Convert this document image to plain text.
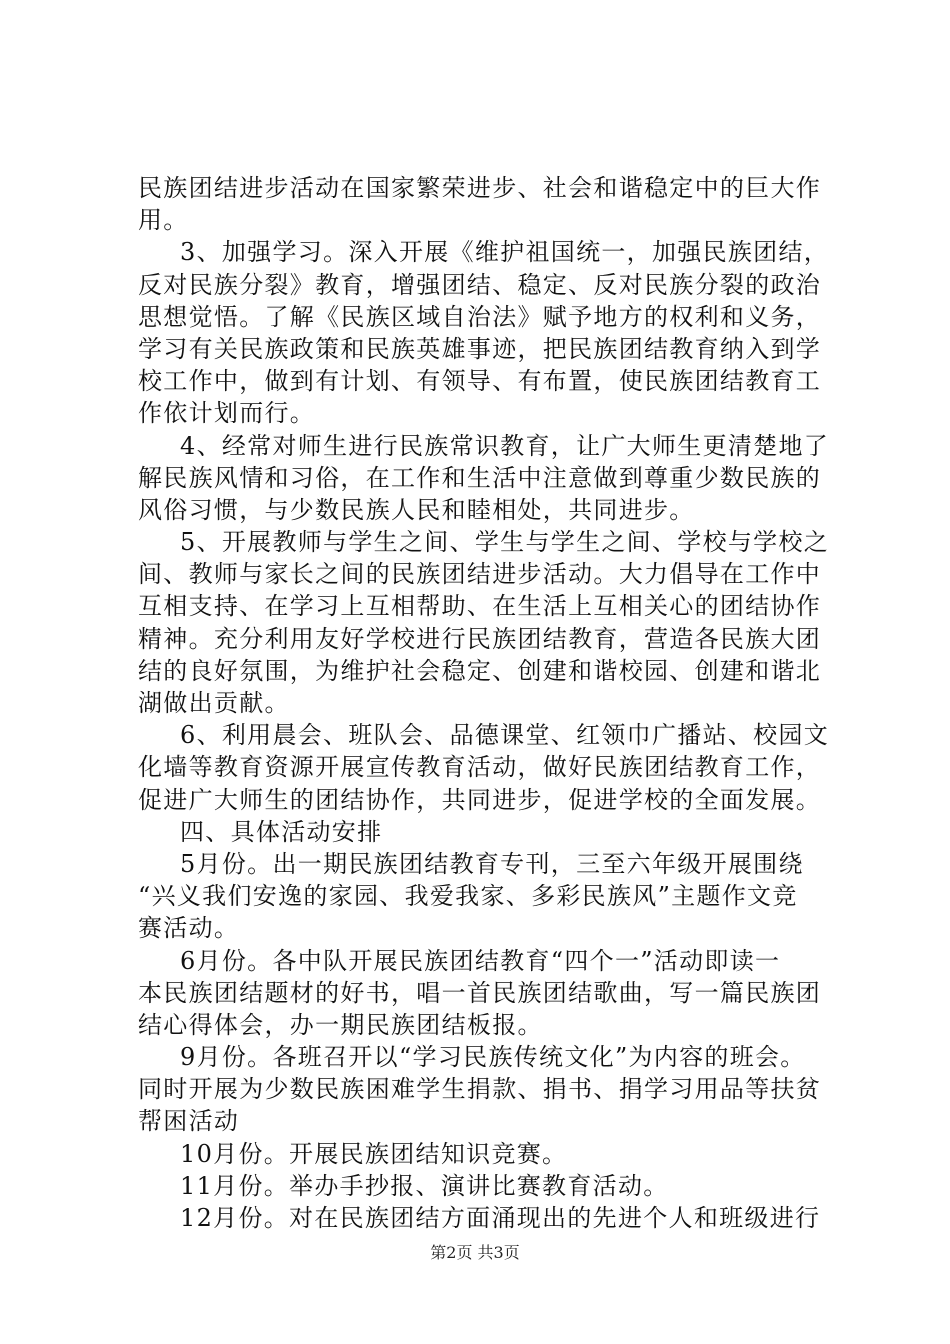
民族团结进步活动在国家繁荣进步、社会和谐稳定中的巨大作
用。
3、加强学习。深入开展《维护祖国统一，加强民族团结，
反对民族分裂》教育，增强团结、稳定、反对民族分裂的政治
思想觉悟。了解《民族区域自治法》赋予地方的权利和义务，
学习有关民族政策和民族英雄事迹，把民族团结教育纳入到学
校工作中，做到有计划、有领导、有布置，使民族团结教育工
作依计划而行。
4、经常对师生进行民族常识教育，让广大师生更清楚地了
解民族风情和习俗，在工作和生活中注意做到尊重少数民族的
风俗习惯，与少数民族人民和睦相处，共同进步。
5、开展教师与学生之间、学生与学生之间、学校与学校之
间、教师与家长之间的民族团结进步活动。大力倡导在工作中
互相支持、在学习上互相帮助、在生活上互相关心的团结协作
精神。充分利用友好学校进行民族团结教育，营造各民族大团
结的良好氛围，为维护社会稳定、创建和谐校园、创建和谐北
湖做出贡献。
6、利用晨会、班队会、品德课堂、红领巾广播站、校园文
化墙等教育资源开展宣传教育活动，做好民族团结教育工作，
促进广大师生的团结协作，共同进步，促进学校的全面发展。
四、具体活动安排
5月份。出一期民族团结教育专刊，三至六年级开展围绕
“兴义我们安逸的家园、我爱我家、多彩民族风”主题作文竞
赛活动。
6月份。各中队开展民族团结教育“四个一”活动即读一
本民族团结题材的好书，唱一首民族团结歌曲，写一篇民族团
结心得体会，办一期民族团结板报。
9月份。各班召开以“学习民族传统文化”为内容的班会。
同时开展为少数民族困难学生捐款、捐书、捐学习用品等扶贫
帮困活动
10月份。开展民族团结知识竞赛。
11月份。举办手抄报、演讲比赛教育活动。
12月份。对在民族团结方面涌现出的先进个人和班级进行
第2页 共3页
